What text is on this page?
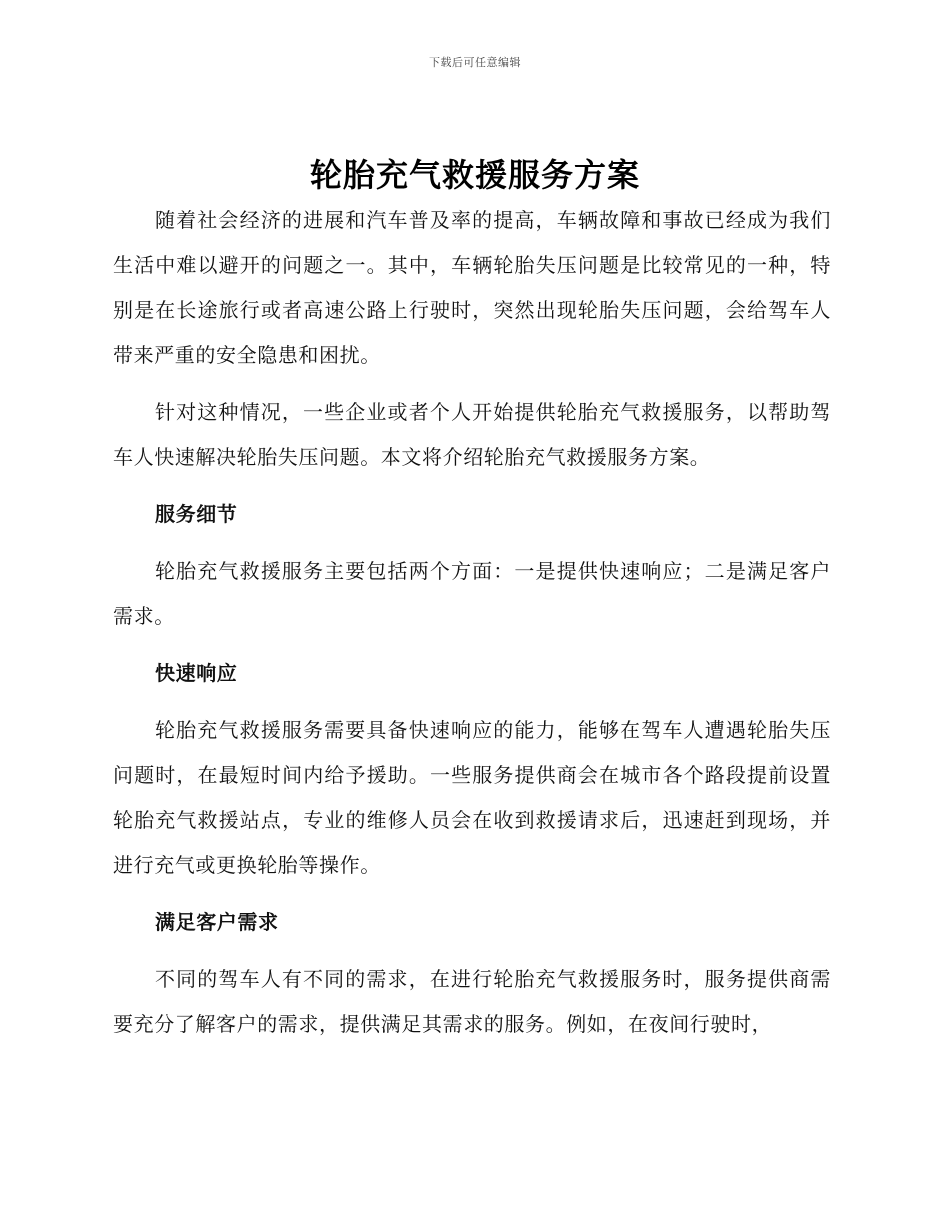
下载后可任意编辑
轮胎充气救援服务方案

随着社会经济的进展和汽车普及率的提高，车辆故障和事故已经成为我们生活中难以避开的问题之一。其中，车辆轮胎失压问题是比较常见的一种，特别是在长途旅行或者高速公路上行驶时，突然出现轮胎失压问题，会给驾车人带来严重的安全隐患和困扰。

针对这种情况，一些企业或者个人开始提供轮胎充气救援服务，以帮助驾车人快速解决轮胎失压问题。本文将介绍轮胎充气救援服务方案。

服务细节

轮胎充气救援服务主要包括两个方面：一是提供快速响应；二是满足客户需求。

快速响应

轮胎充气救援服务需要具备快速响应的能力，能够在驾车人遭遇轮胎失压问题时，在最短时间内给予援助。一些服务提供商会在城市各个路段提前设置轮胎充气救援站点，专业的维修人员会在收到救援请求后，迅速赶到现场，并进行充气或更换轮胎等操作。

满足客户需求

不同的驾车人有不同的需求，在进行轮胎充气救援服务时，服务提供商需要充分了解客户的需求，提供满足其需求的服务。例如，在夜间行驶时，
